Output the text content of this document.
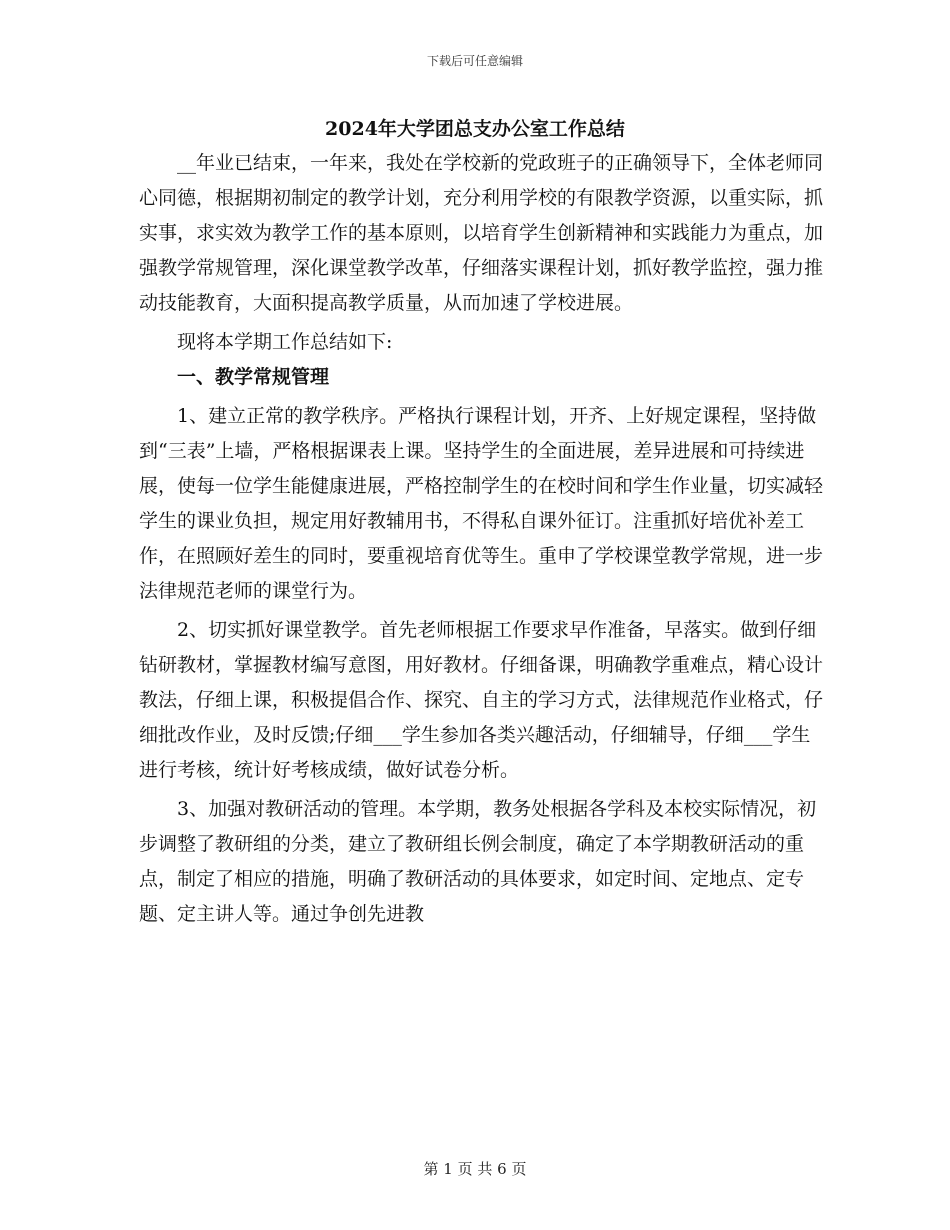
下载后可任意编辑
2024年大学团总支办公室工作总结

__年业已结束，一年来，我处在学校新的党政班子的正确领导下，全体老师同心同德，根据期初制定的教学计划，充分利用学校的有限教学资源，以重实际，抓实事，求实效为教学工作的基本原则，以培育学生创新精神和实践能力为重点，加强教学常规管理，深化课堂教学改革，仔细落实课程计划，抓好教学监控，强力推动技能教育，大面积提高教学质量，从而加速了学校进展。

现将本学期工作总结如下:

一、教学常规管理

1、建立正常的教学秩序。严格执行课程计划，开齐、上好规定课程，坚持做到“三表”上墙，严格根据课表上课。坚持学生的全面进展，差异进展和可持续进展，使每一位学生能健康进展，严格控制学生的在校时间和学生作业量，切实减轻学生的课业负担，规定用好教辅用书，不得私自课外征订。注重抓好培优补差工作，在照顾好差生的同时，要重视培育优等生。重申了学校课堂教学常规，进一步法律规范老师的课堂行为。

2、切实抓好课堂教学。首先老师根据工作要求早作准备，早落实。做到仔细钻研教材，掌握教材编写意图，用好教材。仔细备课，明确教学重难点，精心设计教法，仔细上课，积极提倡合作、探究、自主的学习方式，法律规范作业格式，仔细批改作业，及时反馈;仔细___学生参加各类兴趣活动，仔细辅导，仔细___学生进行考核，统计好考核成绩，做好试卷分析。

3、加强对教研活动的管理。本学期，教务处根据各学科及本校实际情况，初步调整了教研组的分类，建立了教研组长例会制度，确定了本学期教研活动的重点，制定了相应的措施，明确了教研活动的具体要求，如定时间、定地点、定专题、定主讲人等。通过争创先进教

第 1 页 共 6 页
